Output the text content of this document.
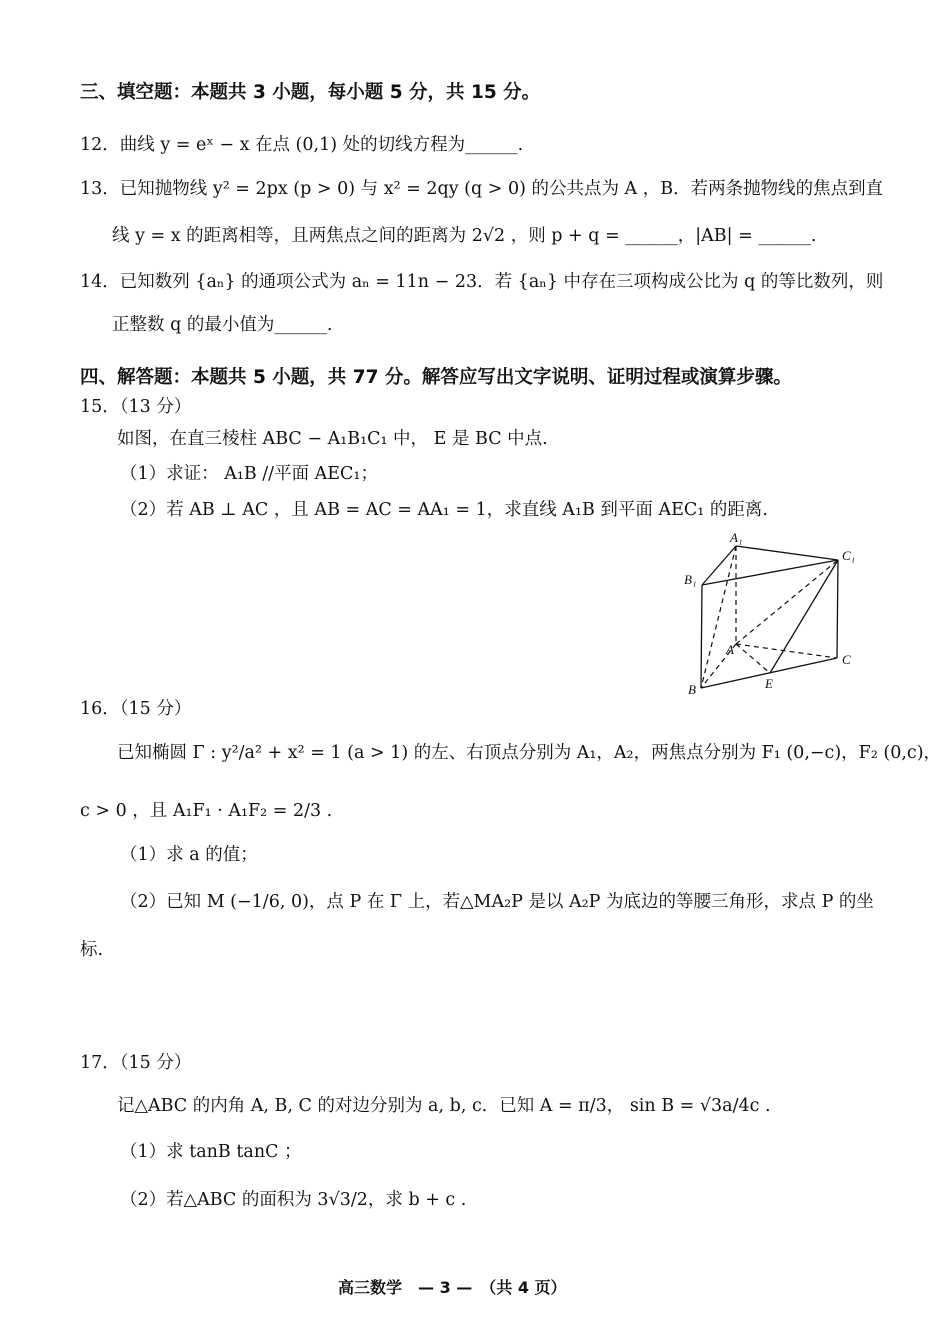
三、填空题：本题共 3 小题，每小题 5 分，共 15 分。
12．曲线 y = eˣ − x 在点 (0,1) 处的切线方程为______.
13．已知抛物线 y² = 2px (p > 0) 与 x² = 2qy (q > 0) 的公共点为 A ，B．若两条抛物线的焦点到直
线 y = x 的距离相等，且两焦点之间的距离为 2√2 ，则 p + q = ______，|AB| = ______.
14．已知数列 {aₙ} 的通项公式为 aₙ = 11n − 23．若 {aₙ} 中存在三项构成公比为 q 的等比数列，则
正整数 q 的最小值为______.
四、解答题：本题共 5 小题，共 77 分。解答应写出文字说明、证明过程或演算步骤。
15．（13 分）
如图，在直三棱柱 ABC − A₁B₁C₁ 中， E 是 BC 中点.
（1）求证： A₁B //平面 AEC₁；
（2）若 AB ⊥ AC ，且 AB = AC = AA₁ = 1，求直线 A₁B 到平面 AEC₁ 的距离.
A₁
C₁
B₁
A
C
B	E
16．（15 分）
已知椭圆 Γ : y²/a² + x² = 1 (a > 1) 的左、右顶点分别为 A₁，A₂，两焦点分别为 F₁ (0,−c)，F₂ (0,c)，
c > 0 ，且 A₁F₁ · A₁F₂ = 2/3 .
（1）求 a 的值；
（2）已知 M (−1/6, 0)，点 P 在 Γ 上，若△MA₂P 是以 A₂P 为底边的等腰三角形，求点 P 的坐
标.
17．（15 分）
记△ABC 的内角 A, B, C 的对边分别为 a, b, c．已知 A = π/3， sin B = √3a/4c .
（1）求 tanB tanC ；
（2）若△ABC 的面积为 3√3/2，求 b + c .
高三数学　— 3 —　（共 4 页）
